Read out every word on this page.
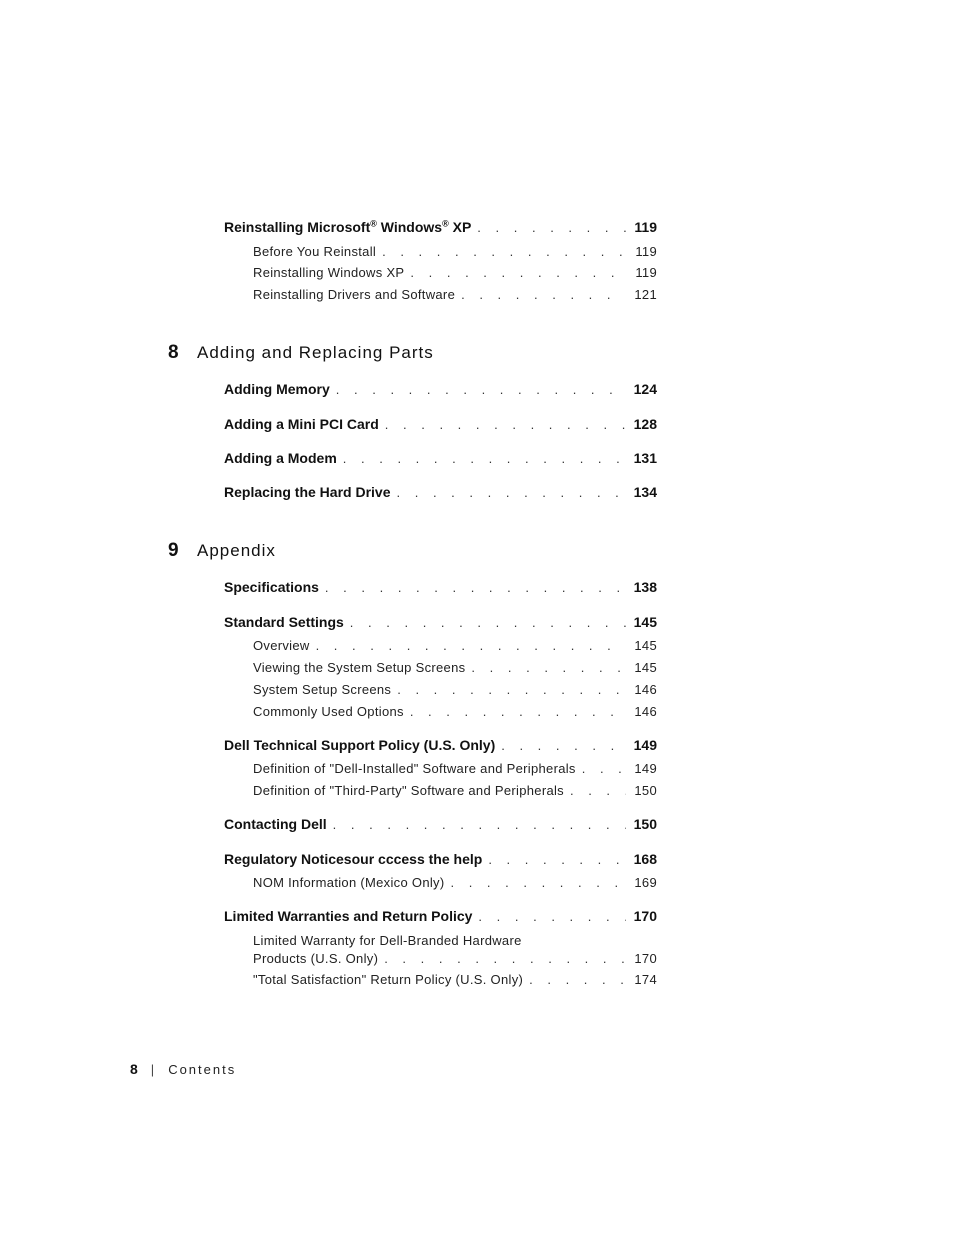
Reinstalling Microsoft® Windows® XP . . .	119
Before You Reinstall . . .	119
Reinstalling Windows XP . . .	119
Reinstalling Drivers and Software . . .	121
8	Adding and Replacing Parts
Adding Memory . . .	124
Adding a Mini PCI Card . . .	128
Adding a Modem . . .	131
Replacing the Hard Drive . . .	134
9	Appendix
Specifications . . .	138
Standard Settings . . .	145
Overview . . .	145
Viewing the System Setup Screens . . .	145
System Setup Screens . . .	146
Commonly Used Options . . .	146
Dell Technical Support Policy (U.S. Only) . . .	149
Definition of "Dell-Installed" Software and Peripherals . . .	149
Definition of "Third-Party" Software and Peripherals . . .	150
Contacting Dell . . .	150
Regulatory Noticesour cccess the help . . .	168
NOM Information (Mexico Only) . . .	169
Limited Warranties and Return Policy . . .	170
Limited Warranty for Dell-Branded Hardware
Products (U.S. Only) . . .	170
"Total Satisfaction" Return Policy (U.S. Only) . . .	174
8 | Contents
